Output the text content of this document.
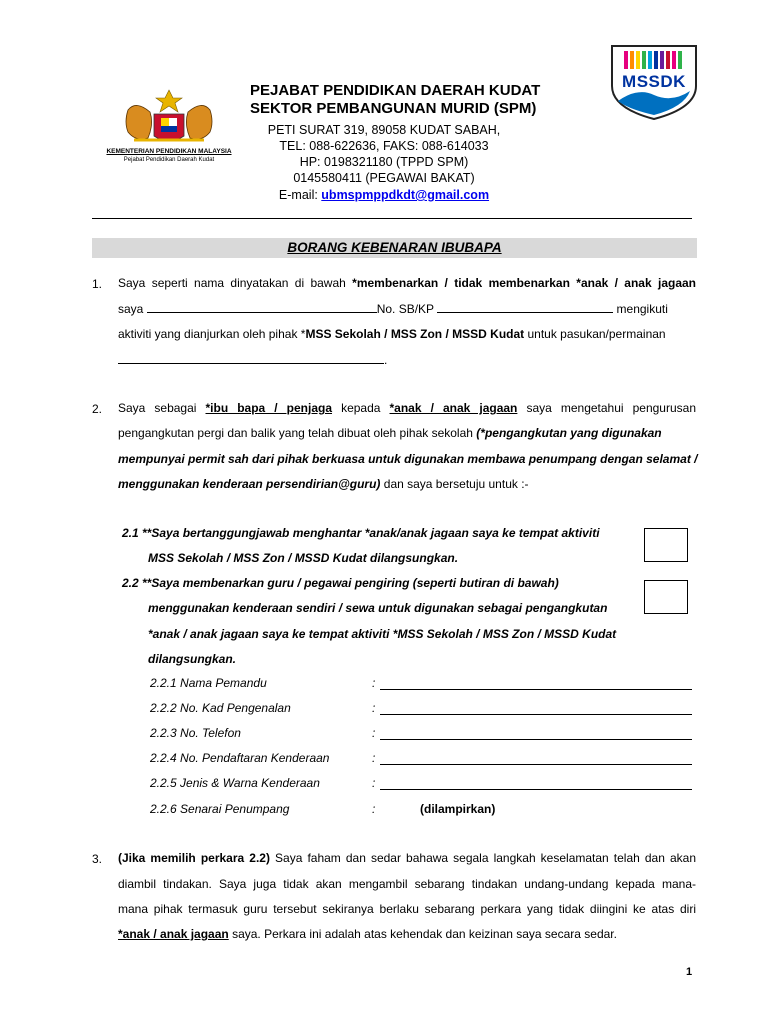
KEMENTERIAN PENDIDIKAN MALAYSIA
Pejabat Pendidikan Daerah Kudat
PEJABAT PENDIDIKAN DAERAH KUDAT
SEKTOR PEMBANGUNAN MURID (SPM)
PETI SURAT 319, 89058 KUDAT SABAH,
TEL: 088-622636, FAKS: 088-614033
HP: 0198321180 (TPPD SPM)
0145580411 (PEGAWAI BAKAT)
E-mail: ubmspmppdkdt@gmail.com
MSSDK
BORANG KEBENARAN IBUBAPA
1. Saya seperti nama dinyatakan di bawah *membenarkan / tidak membenarkan *anak / anak jagaan
saya	No. SB/KP	mengikuti
aktiviti yang dianjurkan oleh pihak *MSS Sekolah / MSS Zon / MSSD Kudat untuk pasukan/permainan
.
2. Saya sebagai *ibu bapa / penjaga kepada *anak / anak jagaan saya mengetahui pengurusan
pengangkutan pergi dan balik yang telah dibuat oleh pihak sekolah (*pengangkutan yang digunakan
mempunyai permit sah dari pihak berkuasa untuk digunakan membawa penumpang dengan selamat /
menggunakan kenderaan persendirian@guru) dan saya bersetuju untuk :-
2.1 **Saya bertanggungjawab menghantar *anak/anak jagaan saya ke tempat aktiviti
MSS Sekolah / MSS Zon / MSSD Kudat dilangsungkan.
2.2 **Saya membenarkan guru / pegawai pengiring (seperti butiran di bawah)
menggunakan kenderaan sendiri / sewa untuk digunakan sebagai pengangkutan
*anak / anak jagaan saya ke tempat aktiviti *MSS Sekolah / MSS Zon / MSSD Kudat
dilangsungkan.
2.2.1 Nama Pemandu	:
2.2.2 No. Kad Pengenalan	:
2.2.3 No. Telefon	:
2.2.4 No. Pendaftaran Kenderaan	:
2.2.5 Jenis & Warna Kenderaan	:
2.2.6 Senarai Penumpang	:	(dilampirkan)
3. (Jika memilih perkara 2.2) Saya faham dan sedar bahawa segala langkah keselamatan telah dan akan
diambil tindakan. Saya juga tidak akan mengambil sebarang tindakan undang-undang kepada mana-
mana pihak termasuk guru tersebut sekiranya berlaku sebarang perkara yang tidak diingini ke atas diri
*anak / anak jagaan saya. Perkara ini adalah atas kehendak dan keizinan saya secara sedar.
1
